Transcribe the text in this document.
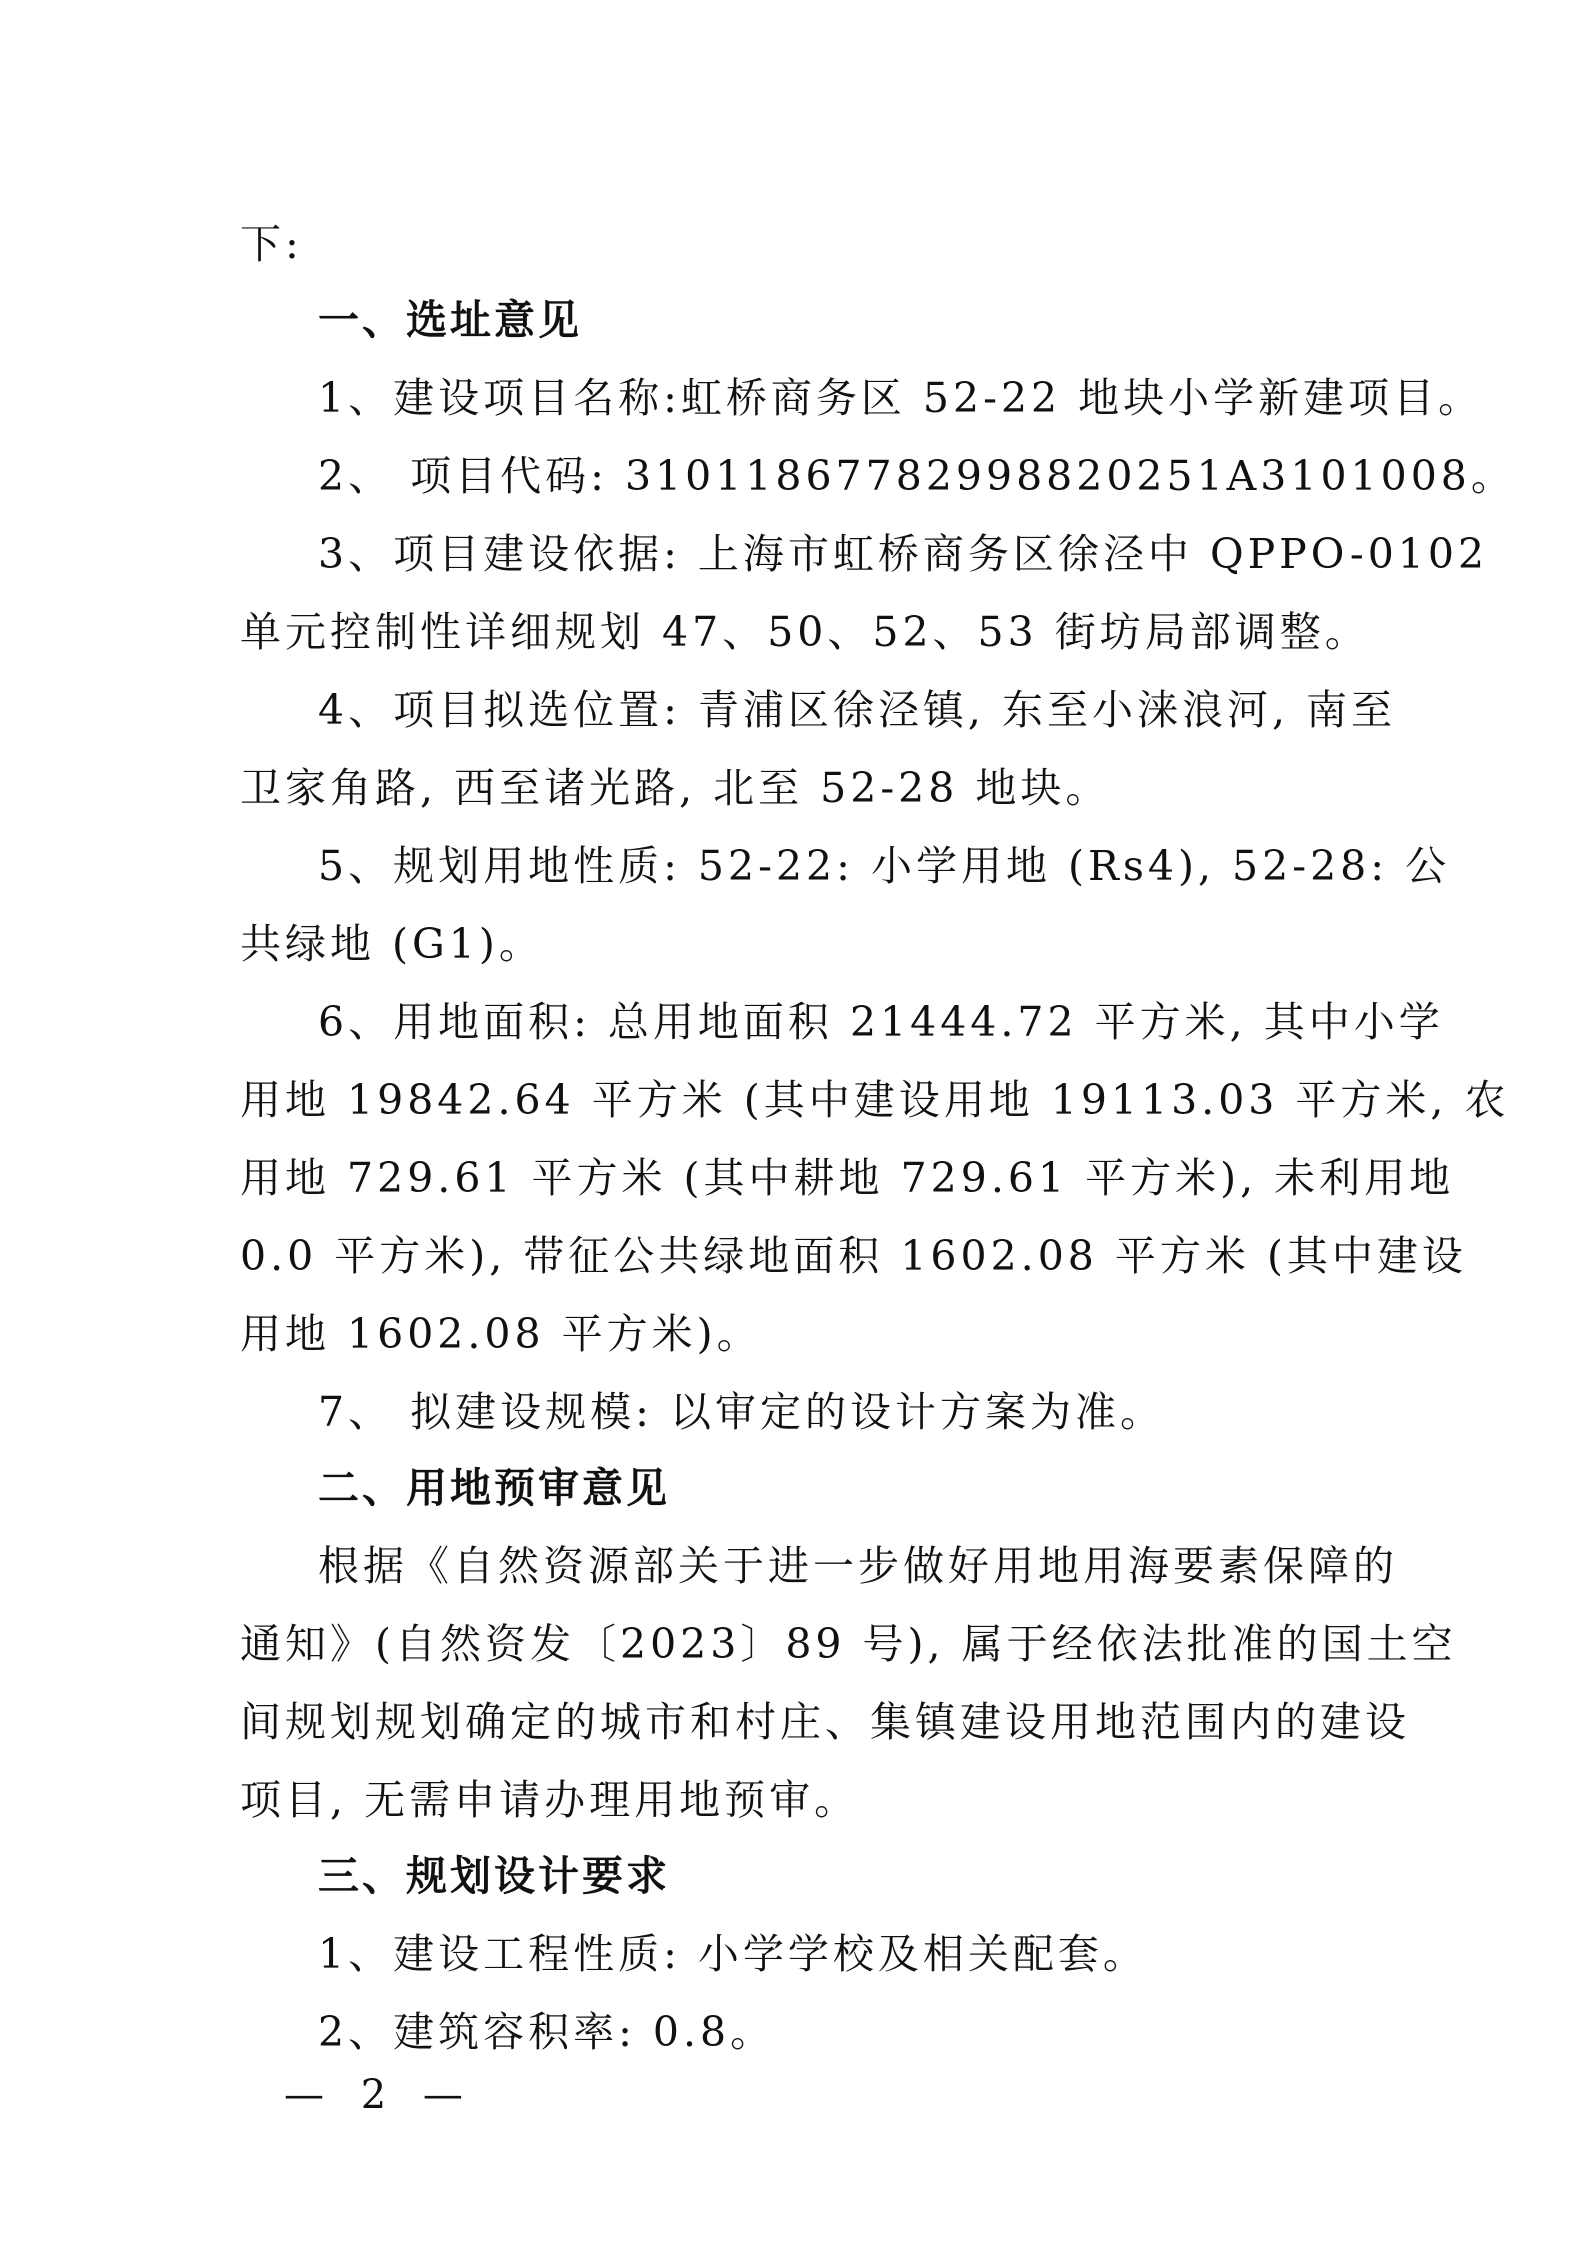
下:
一、选址意见
1、建设项目名称:虹桥商务区 52-22 地块小学新建项目。
2、 项目代码: 310118677829988​20251A3101008。
3、项目建设依据: 上海市虹桥商务区徐泾中 QPPO-0102
单元控制性详细规划 47、50、52、53 街坊局部调整。
4、项目拟选位置: 青浦区徐泾镇, 东至小涞浪河, 南至
卫家角路, 西至诸光路, 北至 52-28 地块。
5、规划用地性质: 52-22: 小学用地 (Rs4), 52-28: 公
共绿地 (G1)。
6、用地面积: 总用地面积 21444.72 平方米, 其中小学
用地 19842.64 平方米 (其中建设用地 19113.03 平方米, 农
用地 729.61 平方米 (其中耕地 729.61 平方米), 未利用地
0.0 平方米), 带征公共绿地面积 1602.08 平方米 (其中建设
用地 1602.08 平方米)。
7、 拟建设规模: 以审定的设计方案为准。
二、用地预审意见
根据《自然资源部关于进一步做好用地用海要素保障的
通知》(自然资发〔2023〕89 号), 属于经依法批准的国土空
间规划规划确定的城市和村庄、集镇建设用地范围内的建设
项目, 无需申请办理用地预审。
三、规划设计要求
1、建设工程性质: 小学学校及相关配套。
2、建筑容积率: 0.8。
— 2 —
